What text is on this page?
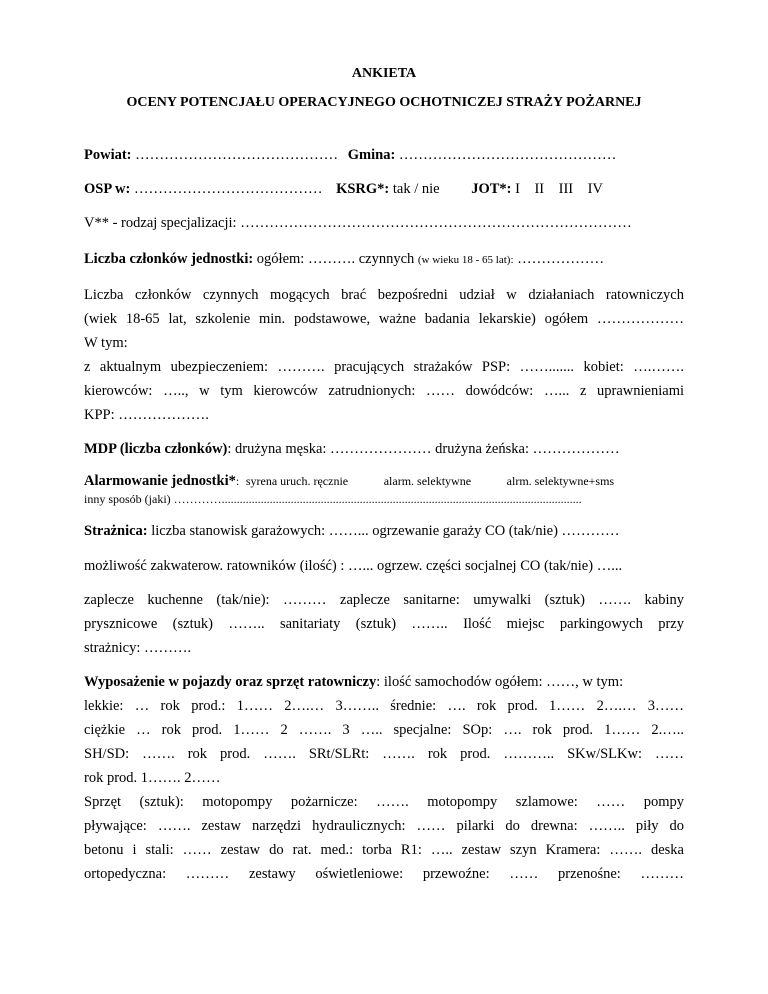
ANKIETA
OCENY POTENCJAŁU OPERACYJNEGO OCHOTNICZEJ STRAŻY POŻARNEJ
Powiat: …………………………………… Gmina: ………………………………………
OSP w: ………………………………… KSRG*: tak / nie JOT*: I    II    III    IV
V** - rodzaj specjalizacji: ………………………………………………………………………
Liczba członków jednostki: ogółem: ………. czynnych (w wieku 18 - 65 lat): ………………
Liczba członków czynnych mogących brać bezpośredni udział w działaniach ratowniczych
(wiek 18-65 lat, szkolenie min. podstawowe, ważne badania lekarskie) ogółem ………………
W tym:
z aktualnym ubezpieczeniem: ………. pracujących strażaków PSP: ……....... kobiet: ….…….
kierowców: ….., w tym kierowców zatrudnionych: …… dowódców: …... z uprawnieniami
KPP: ……………….
MDP (liczba członków): drużyna męska: ………………… drużyna żeńska: ………………
Alarmowanie jednostki*:  syrena uruch. ręcznie	alarm. selektywne	alrm. selektywne+sms
inny sposób (jaki) …………........................................................................................................................
Strażnica: liczba stanowisk garażowych: ……... ogrzewanie garaży CO (tak/nie) …………
możliwość zakwaterow. ratowników (ilość) : …... ogrzew. części socjalnej CO (tak/nie) …...
zaplecze kuchenne (tak/nie): ……… zaplecze sanitarne: umywalki (sztuk) ……. kabiny
prysznicowe (sztuk) …….. sanitariaty (sztuk) …….. Ilość miejsc parkingowych przy
strażnicy: ……….
Wyposażenie w pojazdy oraz sprzęt ratowniczy: ilość samochodów ogółem: ……, w tym:
lekkie: … rok prod.: 1…… 2….… 3…….. średnie: …. rok prod. 1…… 2….… 3……
ciężkie … rok prod. 1…… 2 ……. 3 ….. specjalne: SOp: …. rok prod. 1…… 2.…..
SH/SD: ……. rok prod. ……. SRt/SLRt: ……. rok prod. ……….. SKw/SLKw: ……
rok prod. 1……. 2……
Sprzęt (sztuk): motopompy pożarnicze: ……. motopompy szlamowe: …… pompy
pływające: ……. zestaw narzędzi hydraulicznych: …… pilarki do drewna: …….. piły do
betonu i stali: …… zestaw do rat. med.: torba R1: ….. zestaw szyn Kramera: ……. deska
ortopedyczna: ……… zestawy oświetleniowe: przewoźne: …… przenośne: ………
